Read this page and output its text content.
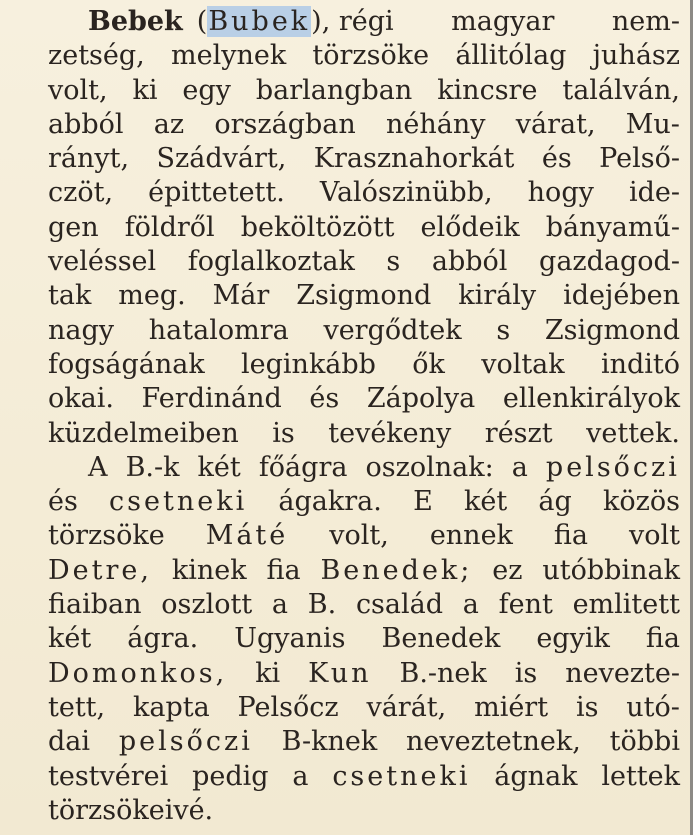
Bebek (Bubek), régi magyar nem-
zetség, melynek törzsöke állitólag juhász
volt, ki egy barlangban kincsre találván,
abból az országban néhány várat, Mu-
rányt, Szádvárt, Krasznahorkát és Pelső-
czöt, épittetett. Valószinübb, hogy ide-
gen földről beköltözött elődeik bányamű-
veléssel foglalkoztak s abból gazdagod-
tak meg. Már Zsigmond király idejében
nagy hatalomra vergődtek s Zsigmond
fogságának leginkább ők voltak inditó
okai. Ferdinánd és Zápolya ellenkirályok
küzdelmeiben is tevékeny részt vettek.
A B.-k két főágra oszolnak: a pelsőczi
és csetneki ágakra. E két ág közös
törzsöke Máté volt, ennek fia volt
Detre, kinek fia Benedek; ez utóbbinak
fiaiban oszlott a B. család a fent emlitett
két ágra. Ugyanis Benedek egyik fia
Domonkos, ki Kun B.-nek is neveztе-
tett, kapta Pelsőcz várát, miért is utó-
dai pelsőczi B-knek neveztetnek, többi
testvérei pedig a csetneki ágnak lettek
törzsökeivé.
